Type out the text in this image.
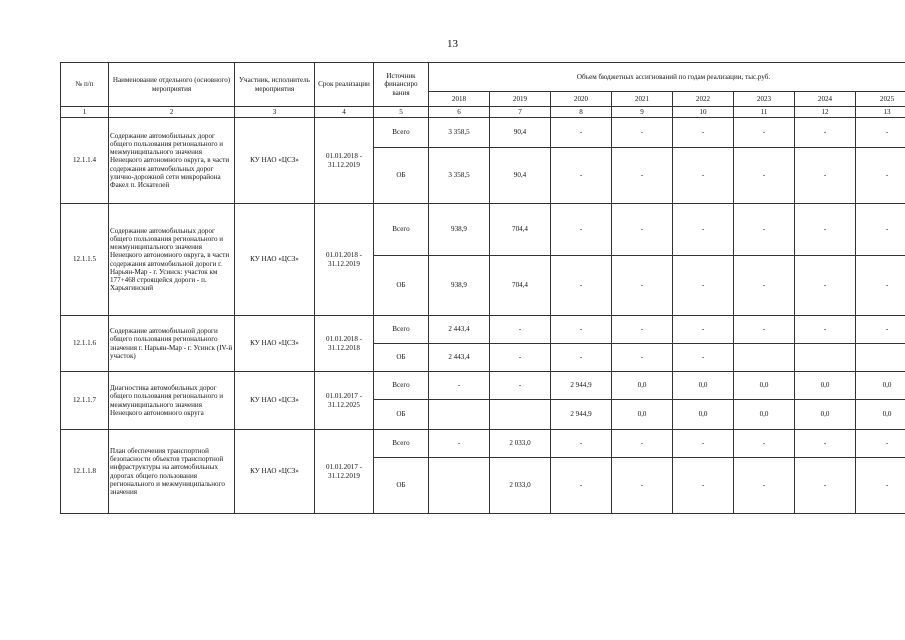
13
№ п/п	Наименование отдельного (основного) мероприятия	Участник, исполнитель мероприятия	Срок реализации	Источник финансиро вания	Объем бюджетных ассигнований по годам реализации, тыс.руб.							
					2018	2019	2020	2021	2022	2023	2024	2025
1	2	3	4	5	6	7	8	9	10	11	12	13
12.1.1.4	Содержание автомобильных дорог общего пользования регионального и межмуниципального значения Ненецкого автономного округа, в части содержания автомобильных дорог улично-дорожной сети микрорайона Факел п. Искателей	КУ НАО «ЦСЗ»	01.01.2018 - 31.12.2019	Всего	3 358,5	90,4	-	-	-	-	-	-
				ОБ	3 358,5	90,4	-	-	-	-	-	-
12.1.1.5	Содержание автомобильных дорог общего пользования регионального и межмуниципального значения Ненецкого автономного округа, в части содержания автомобильной дороги г. Нарьян-Мар - г. Усинск: участок км 177+468 строящейся дороги - п. Харьягинский	КУ НАО «ЦСЗ»	01.01.2018 - 31.12.2019	Всего	938,9	704,4	-	-	-	-	-	-
				ОБ	938,9	704,4	-	-	-	-	-	-
12.1.1.6	Содержание автомобильной дороги общего пользования регионального значения г. Нарьян-Мар - г. Усинск (IV-й участок)	КУ НАО «ЦСЗ»	01.01.2018 - 31.12.2018	Всего	2 443,4	-	-	-	-	-	-	-
				ОБ	2 443,4	-	-	-	-			
12.1.1.7	Диагностика автомобильных дорог общего пользования регионального и межмуниципального значения Ненецкого автономного округа	КУ НАО «ЦСЗ»	01.01.2017 - 31.12.2025	Всего	-	-	2 944,9	0,0	0,0	0,0	0,0	0,0
				ОБ			2 944,9	0,0	0,0	0,0	0,0	0,0
12.1.1.8	План обеспечения транспортной безопасности объектов транспортной инфраструктуры на автомобильных дорогах общего пользования регионального и межмуниципального значения	КУ НАО «ЦСЗ»	01.01.2017 - 31.12.2019	Всего	-	2 033,0	-	-	-	-	-	-
				ОБ		2 033,0	-	-	-	-	-	-
